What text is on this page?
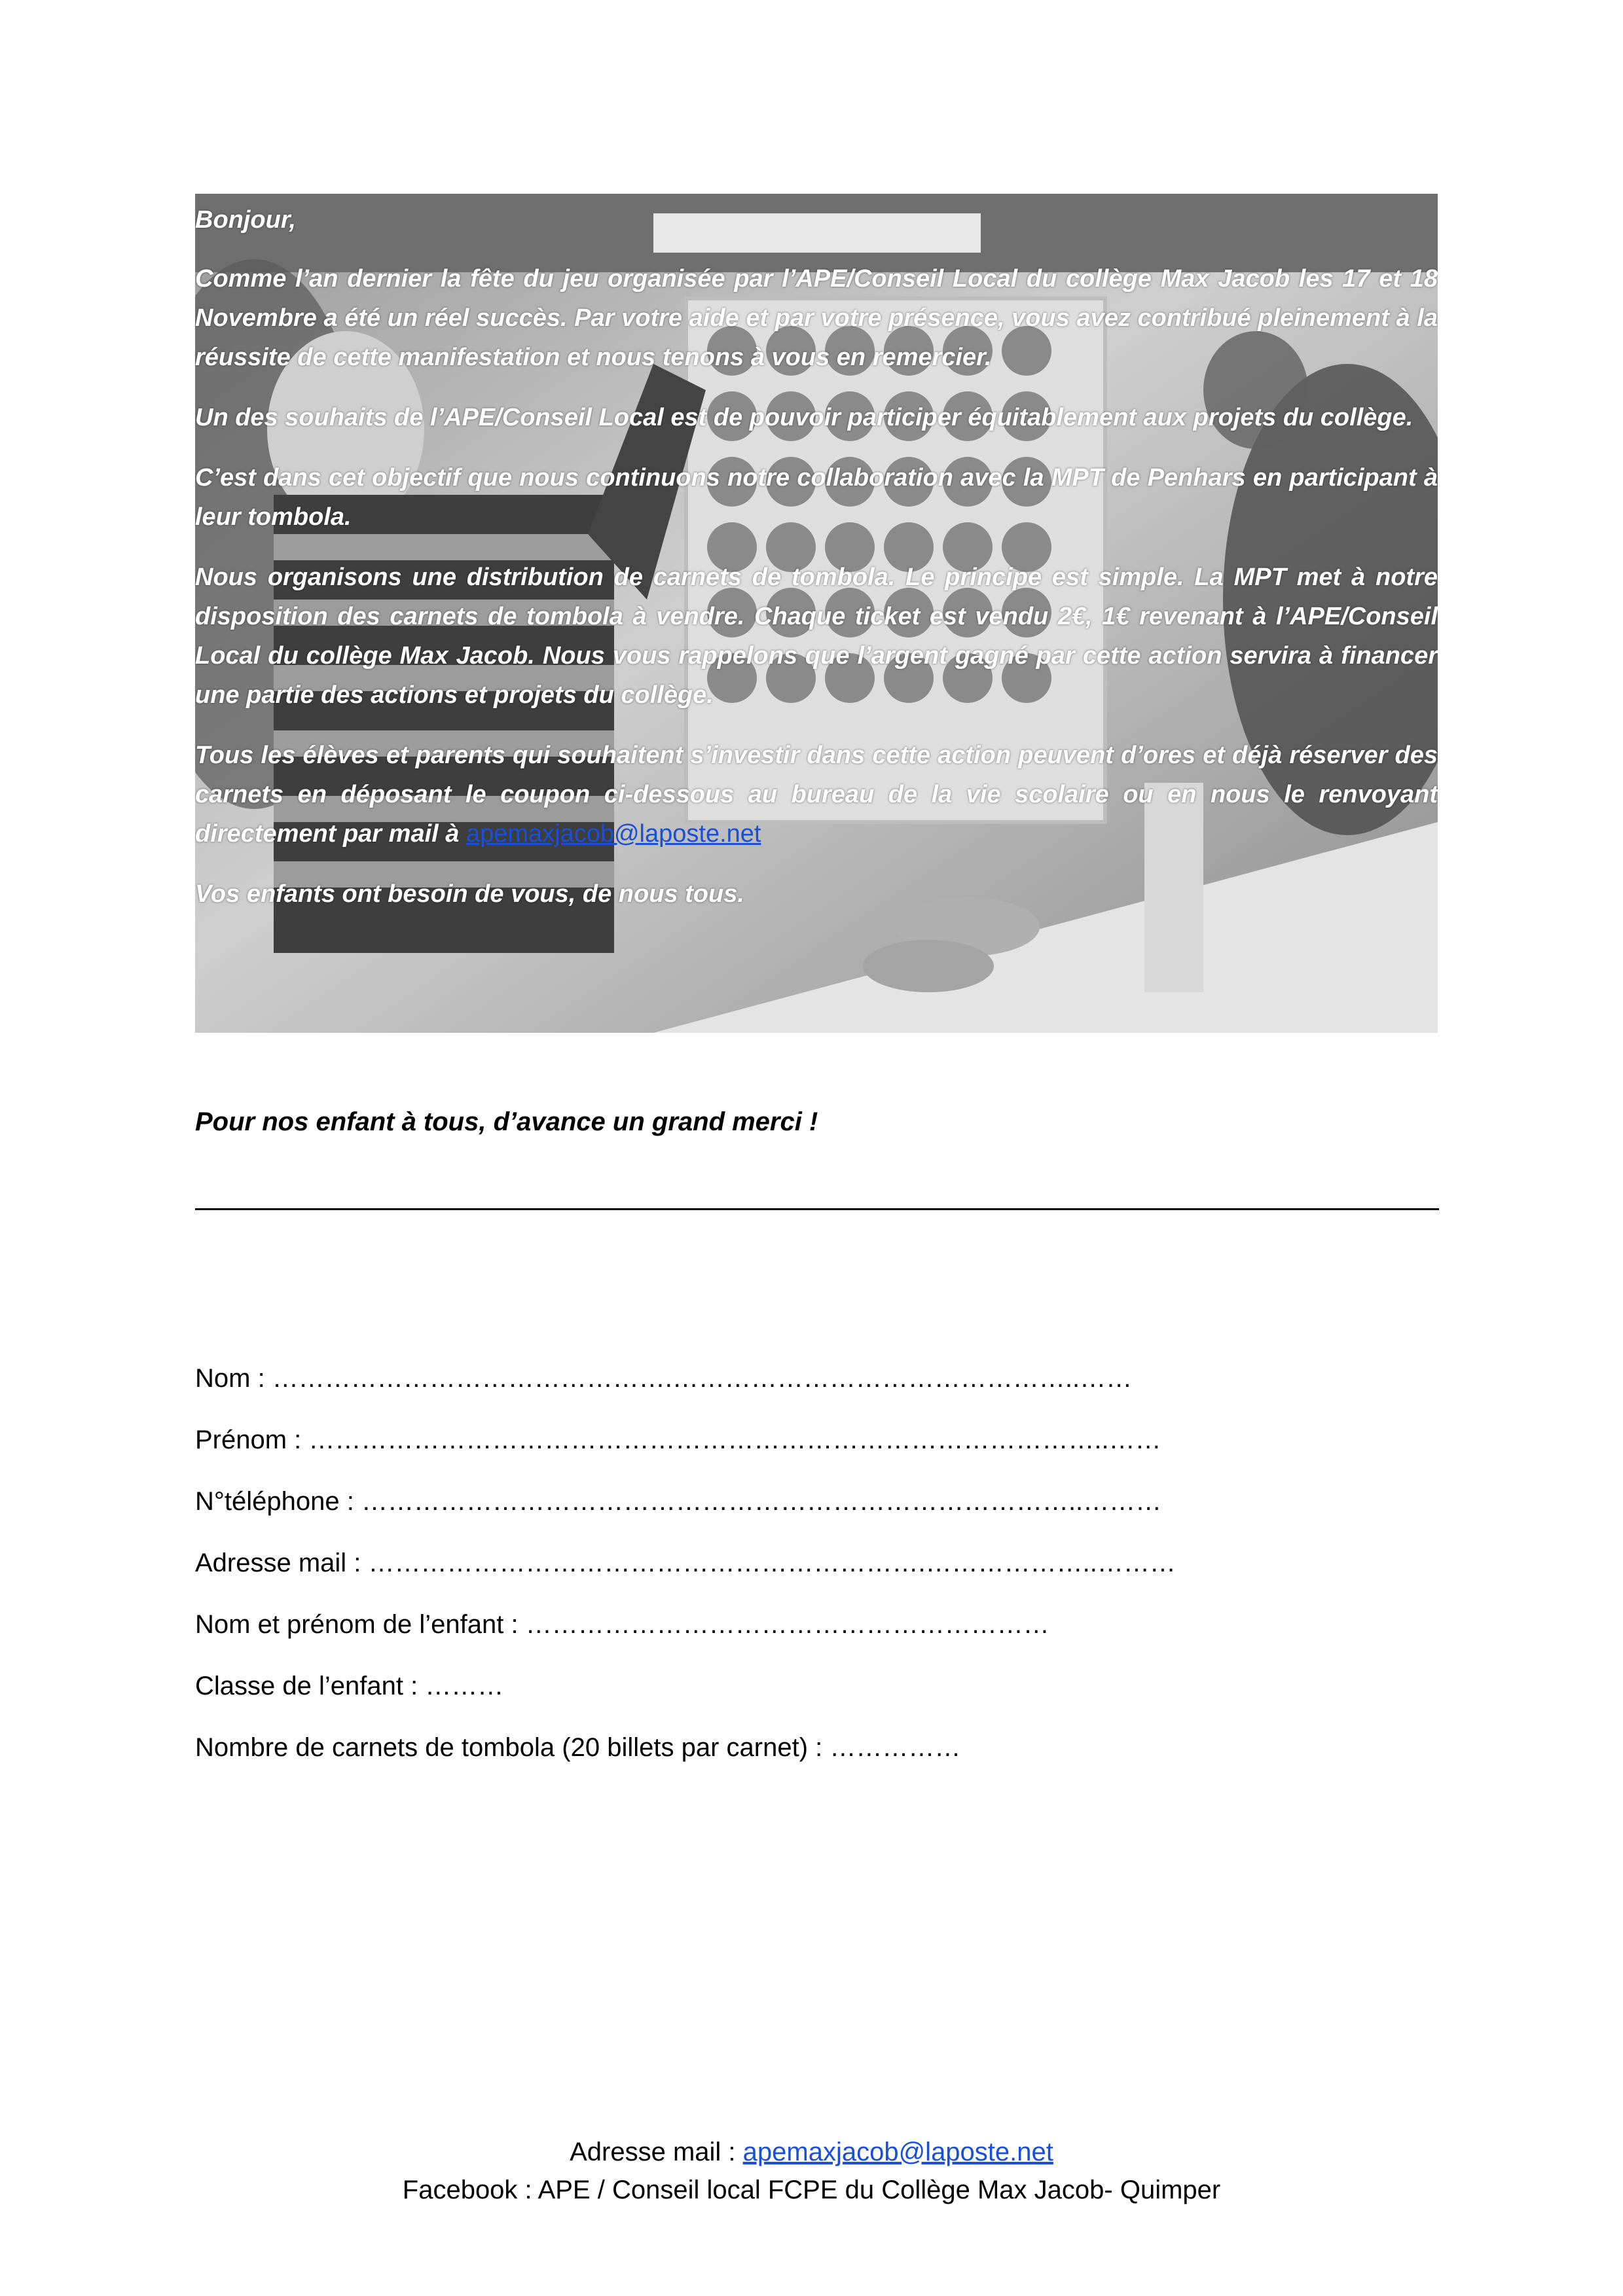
Bonjour,

Comme l’an dernier la fête du jeu organisée par l’APE/Conseil Local du collège Max Jacob les 17 et 18 Novembre a été un réel succès. Par votre aide et par votre présence, vous avez contribué pleinement à la réussite de cette manifestation et nous tenons à vous en remercier.

Un des souhaits de l’APE/Conseil Local est de pouvoir participer équitablement aux projets du collège.

C’est dans cet objectif que nous continuons notre collaboration avec la MPT de Penhars en participant à leur tombola.

Nous organisons une distribution de carnets de tombola. Le principe est simple. La MPT met à notre disposition des carnets de tombola à vendre. Chaque ticket est vendu 2€, 1€ revenant à l’APE/Conseil Local du collège Max Jacob. Nous vous rappelons que l’argent gagné par cette action servira à financer une partie des actions et projets du collège.

Tous les élèves et parents qui souhaitent s’investir dans cette action peuvent d’ores et déjà réserver des carnets en déposant le coupon ci-dessous au bureau de la vie scolaire ou en nous le renvoyant directement par mail à apemaxjacob@laposte.net

Vos enfants ont besoin de vous, de nous tous.

Pour nos enfant à tous, d’avance un grand merci !
Nom : ……………………………………….………………………………………..……
Prénom : ………………………………………………………………………………..……
N°téléphone : ………………………………………………………………………..………
Adresse mail : ……………………………………………………….………………..………
Nom et prénom de l’enfant : ……………………………………………………
Classe de l’enfant : ………
Nombre de carnets de tombola (20 billets par carnet) : ……………
Adresse mail : apemaxjacob@laposte.net
Facebook : APE / Conseil local FCPE du Collège Max Jacob- Quimper
